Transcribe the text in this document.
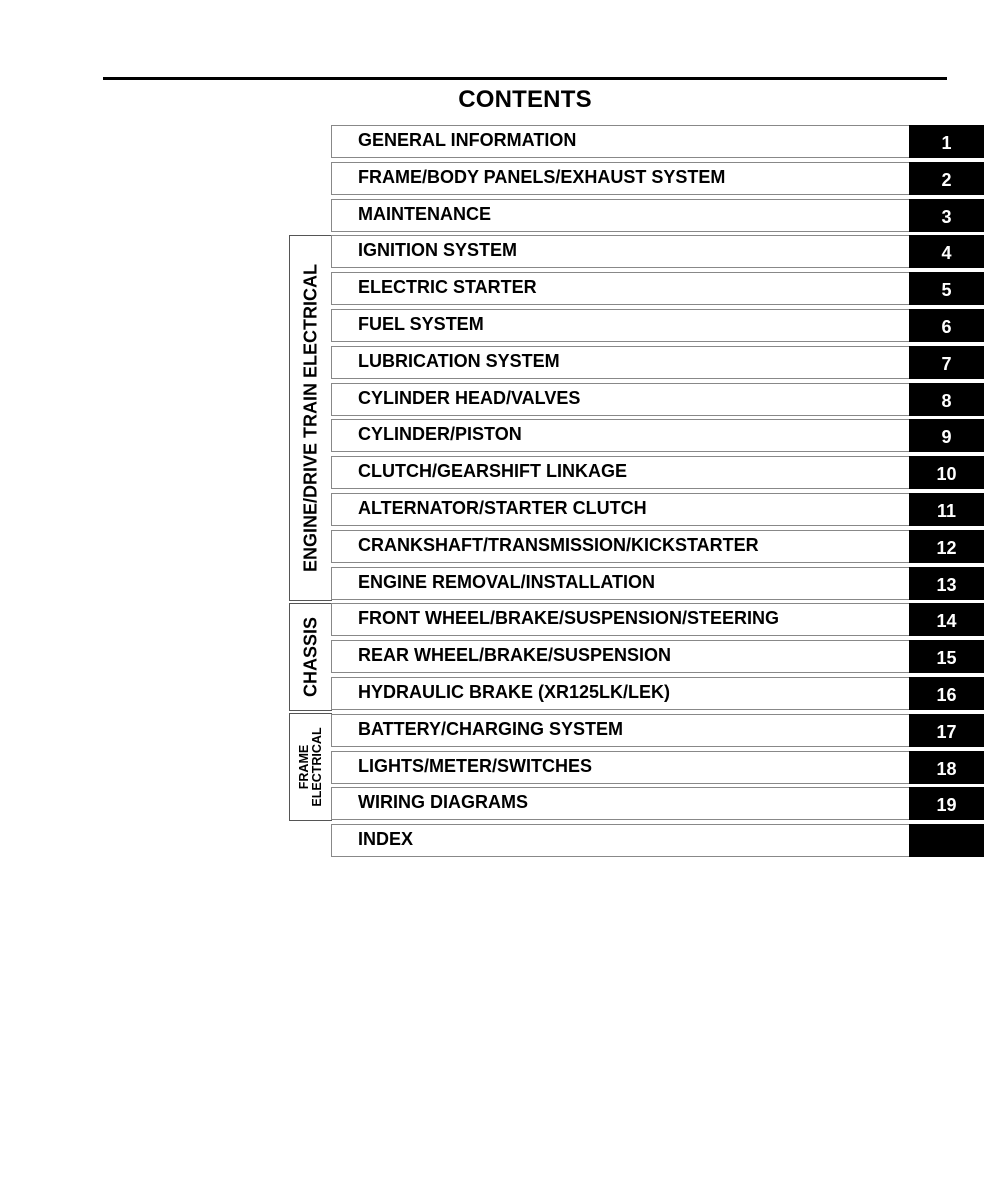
CONTENTS
ENGINE/DRIVE TRAIN ELECTRICAL
CHASSIS
FRAME ELECTRICAL
GENERAL INFORMATION	1
FRAME/BODY PANELS/EXHAUST SYSTEM	2
MAINTENANCE	3
IGNITION SYSTEM	4
ELECTRIC STARTER	5
FUEL SYSTEM	6
LUBRICATION SYSTEM	7
CYLINDER HEAD/VALVES	8
CYLINDER/PISTON	9
CLUTCH/GEARSHIFT LINKAGE	10
ALTERNATOR/STARTER CLUTCH	11
CRANKSHAFT/TRANSMISSION/KICKSTARTER	12
ENGINE REMOVAL/INSTALLATION	13
FRONT WHEEL/BRAKE/SUSPENSION/STEERING	14
REAR WHEEL/BRAKE/SUSPENSION	15
HYDRAULIC BRAKE (XR125LK/LEK)	16
BATTERY/CHARGING SYSTEM	17
LIGHTS/METER/SWITCHES	18
WIRING DIAGRAMS	19
INDEX
